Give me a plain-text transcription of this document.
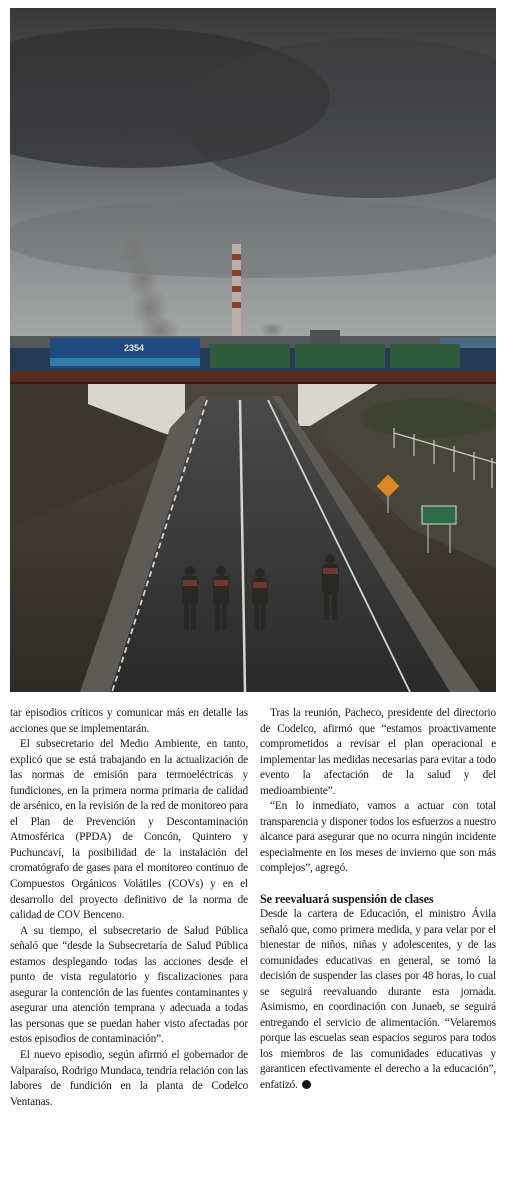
2354

tar episodios críticos y comunicar más en detalle las acciones que se implementarán.

El subsecretario del Medio Ambiente, en tanto, explicó que se está trabajando en la actualización de las normas de emisión para termoeléctricas y fundiciones, en la primera norma primaria de calidad de arsénico, en la revisión de la red de monitoreo para el Plan de Prevención y Descontaminación Atmosférica (PPDA) de Concón, Quintero y Puchuncaví, la posibilidad de la instalación del cromatógrafo de gases para el monitoreo continuo de Compuestos Orgánicos Volátiles (COVs) y en el desarrollo del proyecto definitivo de la norma de calidad de COV Benceno.

A su tiempo, el subsecretario de Salud Pública señaló que “desde la Subsecretaría de Salud Pública estamos desplegando todas las acciones desde el punto de vista regulatorio y fiscalizaciones para asegurar la contención de las fuentes contaminantes y asegurar una atención temprana y adecuada a todas las personas que se puedan haber visto afectadas por estos episodios de contaminación”.

El nuevo episodio, según afirmó el gobernador de Valparaíso, Rodrigo Mundaca, tendría relación con las labores de fundición en la planta de Codelco Ventanas.

Tras la reunión, Pacheco, presidente del directorio de Codelco, afirmó que “estamos proactivamente comprometidos a revisar el plan operacional e implementar las medidas necesarias para evitar a todo evento la afectación de la salud y del medioambiente”.

“En lo inmediato, vamos a actuar con total transparencia y disponer todos los esfuerzos a nuestro alcance para asegurar que no ocurra ningún incidente especialmente en los meses de invierno que son más complejos”, agregó.

Se reevaluará suspensión de clases

Desde la cartera de Educación, el ministro Ávila señaló que, como primera medida, y para velar por el bienestar de niños, niñas y adolescentes, y de las comunidades educativas en general, se tomó la decisión de suspender las clases por 48 horas, lo cual se seguirá reevaluando durante esta jornada. Asimismo, en coordinación con Junaeb, se seguirá entregando el servicio de alimentación. “Velaremos porque las escuelas sean espacios seguros para todos los miembros de las comunidades educativas y garanticen efectivamente el derecho a la educación”, enfatizó.
